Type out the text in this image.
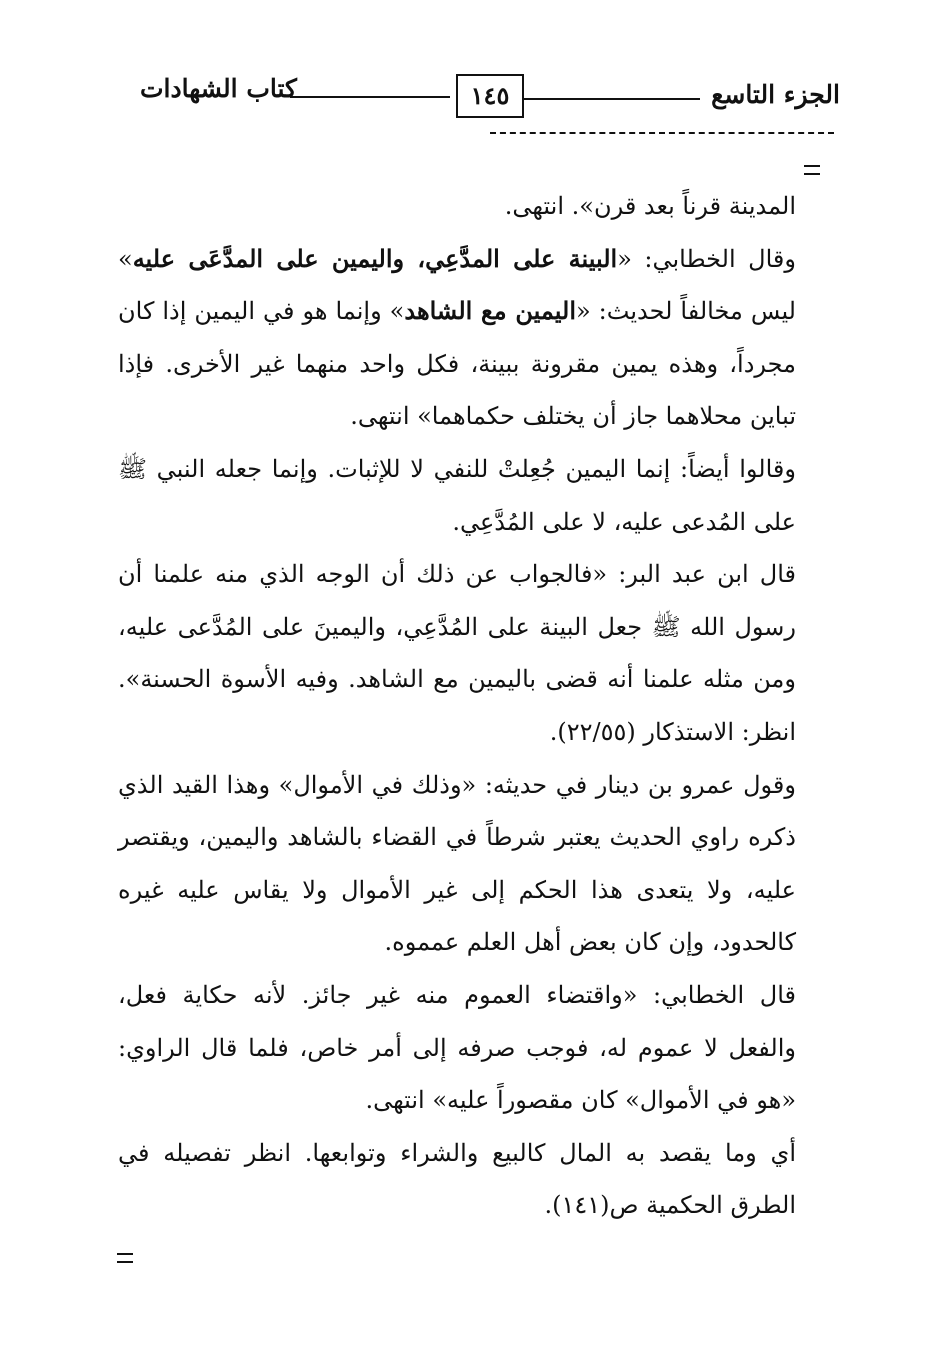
الجزء التاسع
١٤٥
كتاب الشهادات

المدينة قرناً بعد قرن». انتهى.

وقال الخطابي: «البينة على المدَّعِي، واليمين على المدَّعَى عليه» ليس مخالفاً لحديث: «اليمين مع الشاهد» وإنما هو في اليمين إذا كان مجرداً، وهذه يمين مقرونة ببينة، فكل واحد منهما غير الأخرى. فإذا تباين محلاهما جاز أن يختلف حكماهما» انتهى.

وقالوا أيضاً: إنما اليمين جُعِلتْ للنفي لا للإثبات. وإنما جعله النبي ﷺ على المُدعى عليه، لا على المُدَّعِي.

قال ابن عبد البر: «فالجواب عن ذلك أن الوجه الذي منه علمنا أن رسول الله ﷺ جعل البينة على المُدَّعِي، واليمينَ على المُدَّعى عليه، ومن مثله علمنا أنه قضى باليمين مع الشاهد. وفيه الأسوة الحسنة». انظر: الاستذكار (٢٢/٥٥).

وقول عمرو بن دينار في حديثه: «وذلك في الأموال» وهذا القيد الذي ذكره راوي الحديث يعتبر شرطاً في القضاء بالشاهد واليمين، ويقتصر عليه، ولا يتعدى هذا الحكم إلى غير الأموال ولا يقاس عليه غيره كالحدود، وإن كان بعض أهل العلم عمموه.

قال الخطابي: «واقتضاء العموم منه غير جائز. لأنه حكاية فعل، والفعل لا عموم له، فوجب صرفه إلى أمر خاص، فلما قال الراوي: «هو في الأموال» كان مقصوراً عليه» انتهى.

أي وما يقصد به المال كالبيع والشراء وتوابعها. انظر تفصيله في الطرق الحكمية ص(١٤١).
